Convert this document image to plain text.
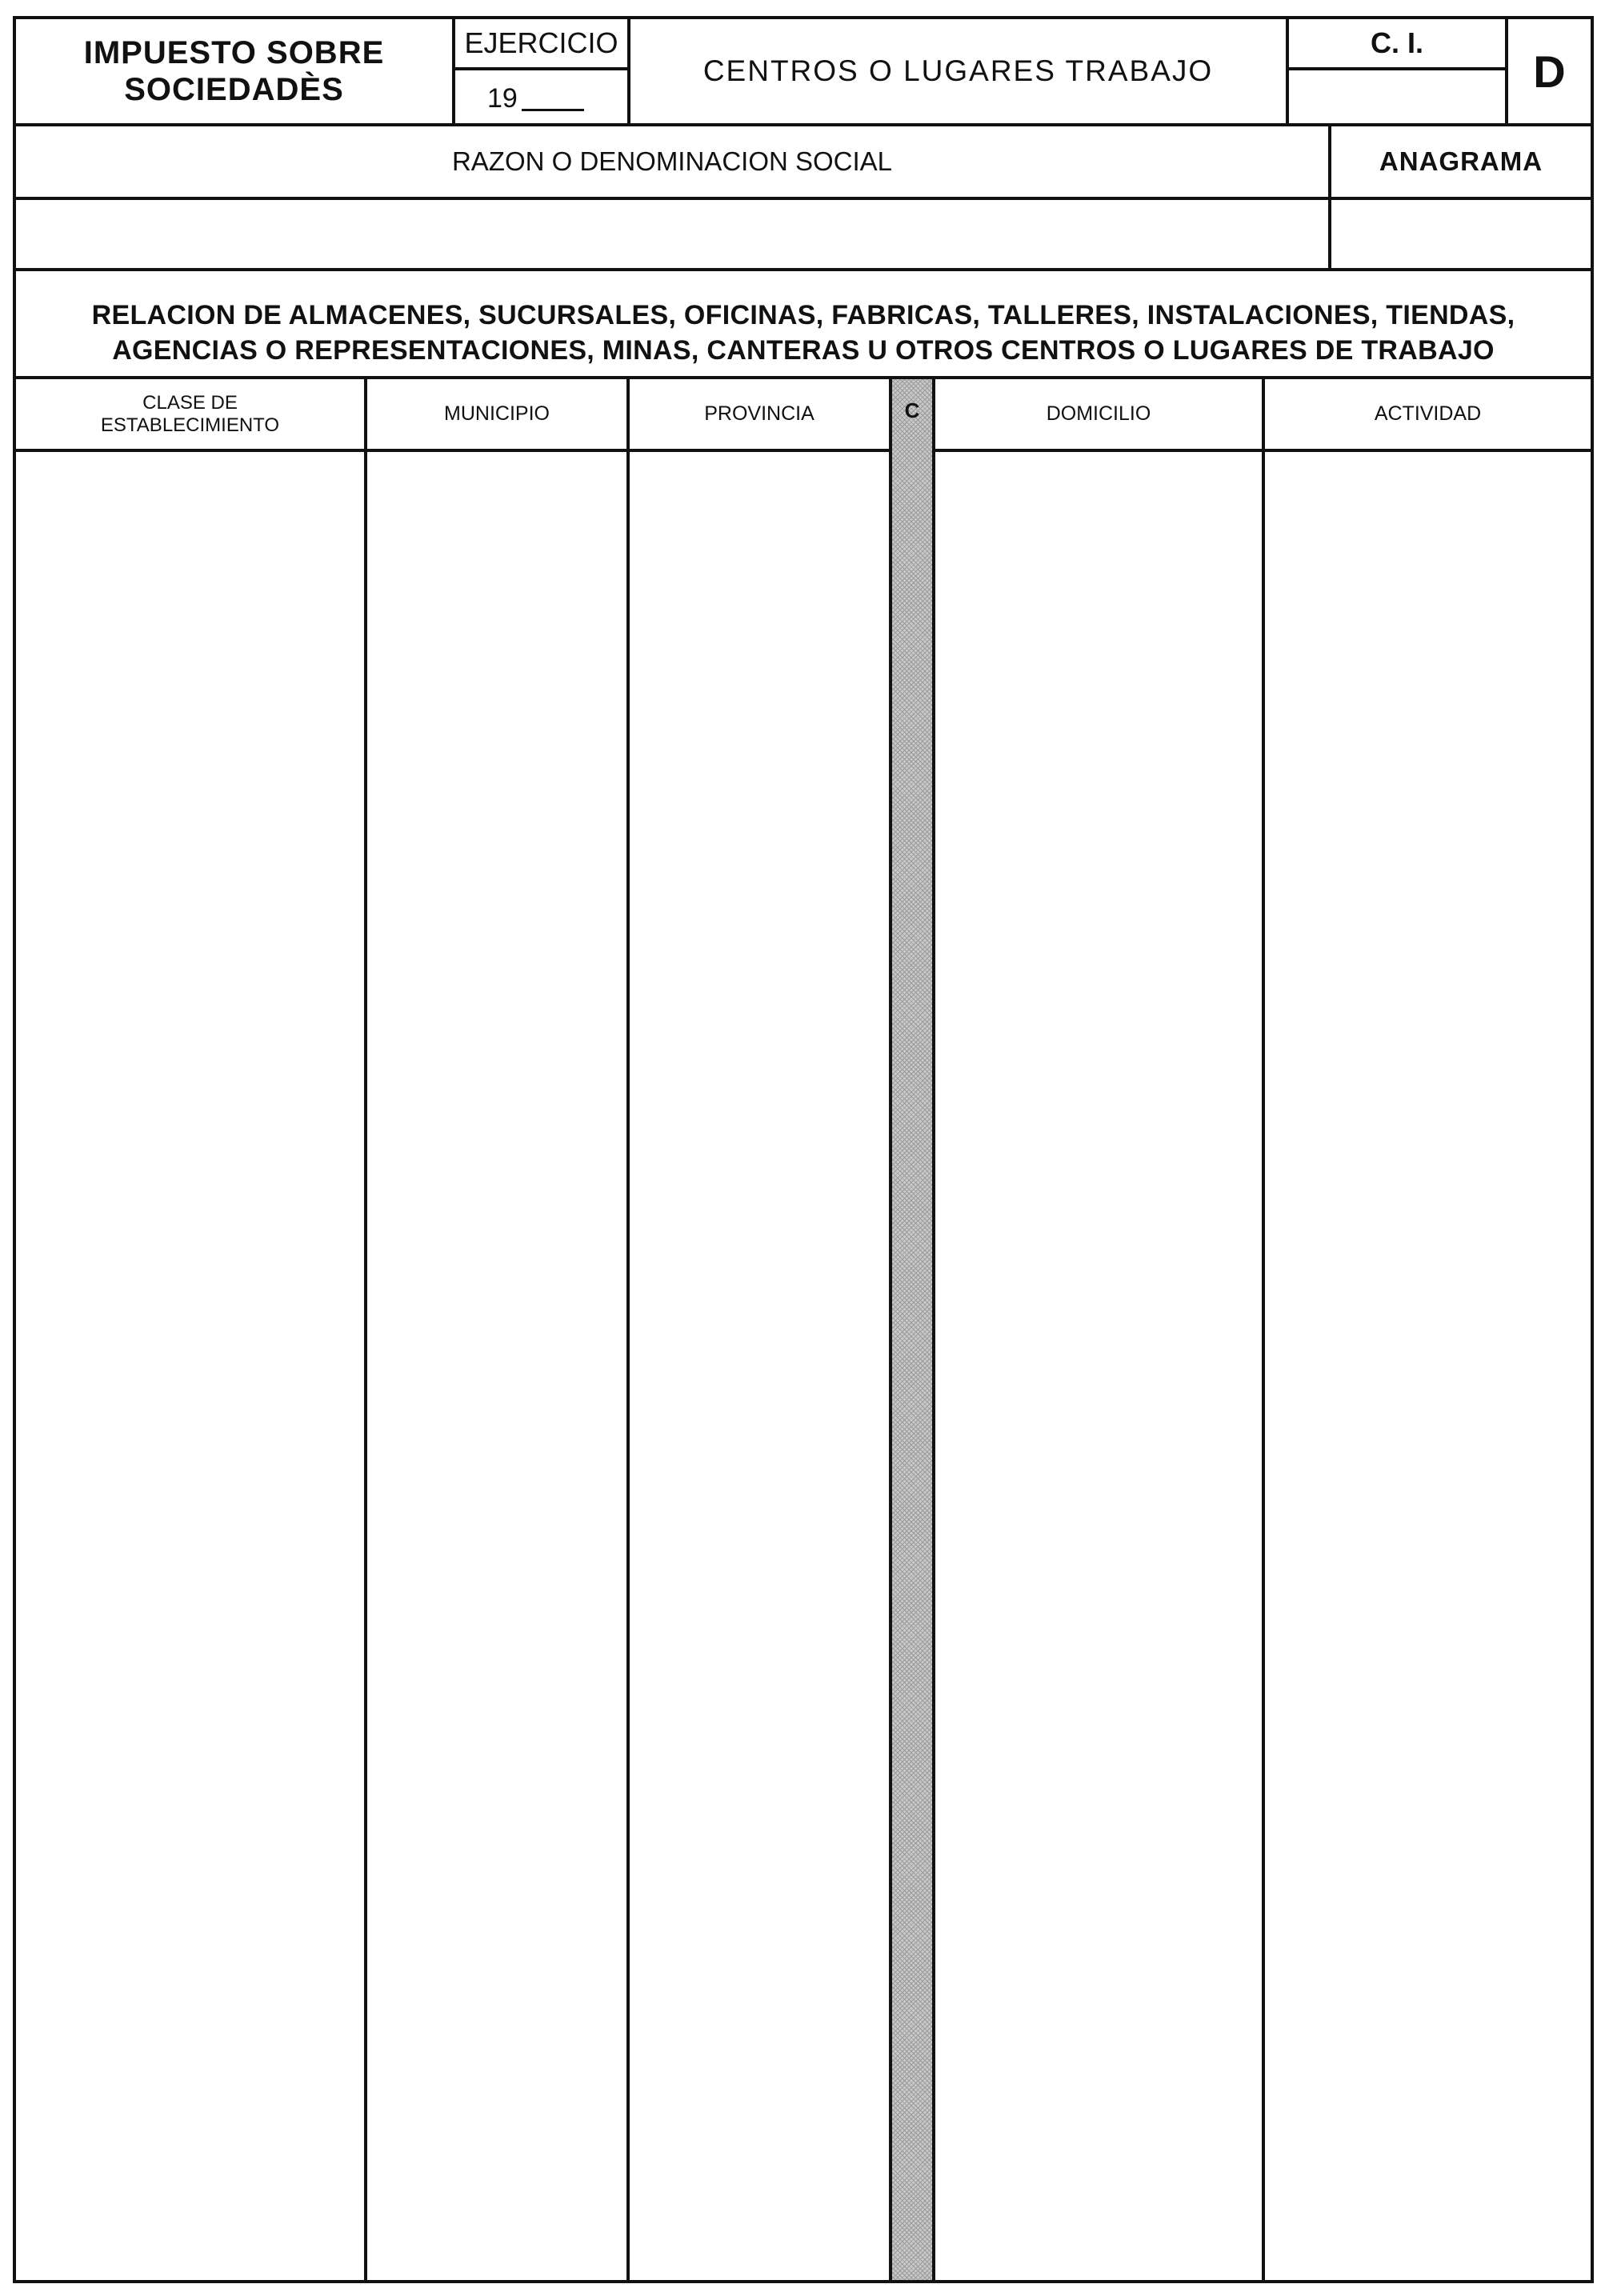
IMPUESTO SOBRE
SOCIEDADÈS
EJERCICIO
19
CENTROS O LUGARES TRABAJO
C. I.
D
RAZON O DENOMINACION SOCIAL	ANAGRAMA
RELACION DE ALMACENES, SUCURSALES, OFICINAS, FABRICAS, TALLERES, INSTALACIONES, TIENDAS,
AGENCIAS O REPRESENTACIONES, MINAS, CANTERAS U OTROS CENTROS O LUGARES DE TRABAJO
CLASE DE
ESTABLECIMIENTO	MUNICIPIO	PROVINCIA	C	DOMICILIO	ACTIVIDAD
